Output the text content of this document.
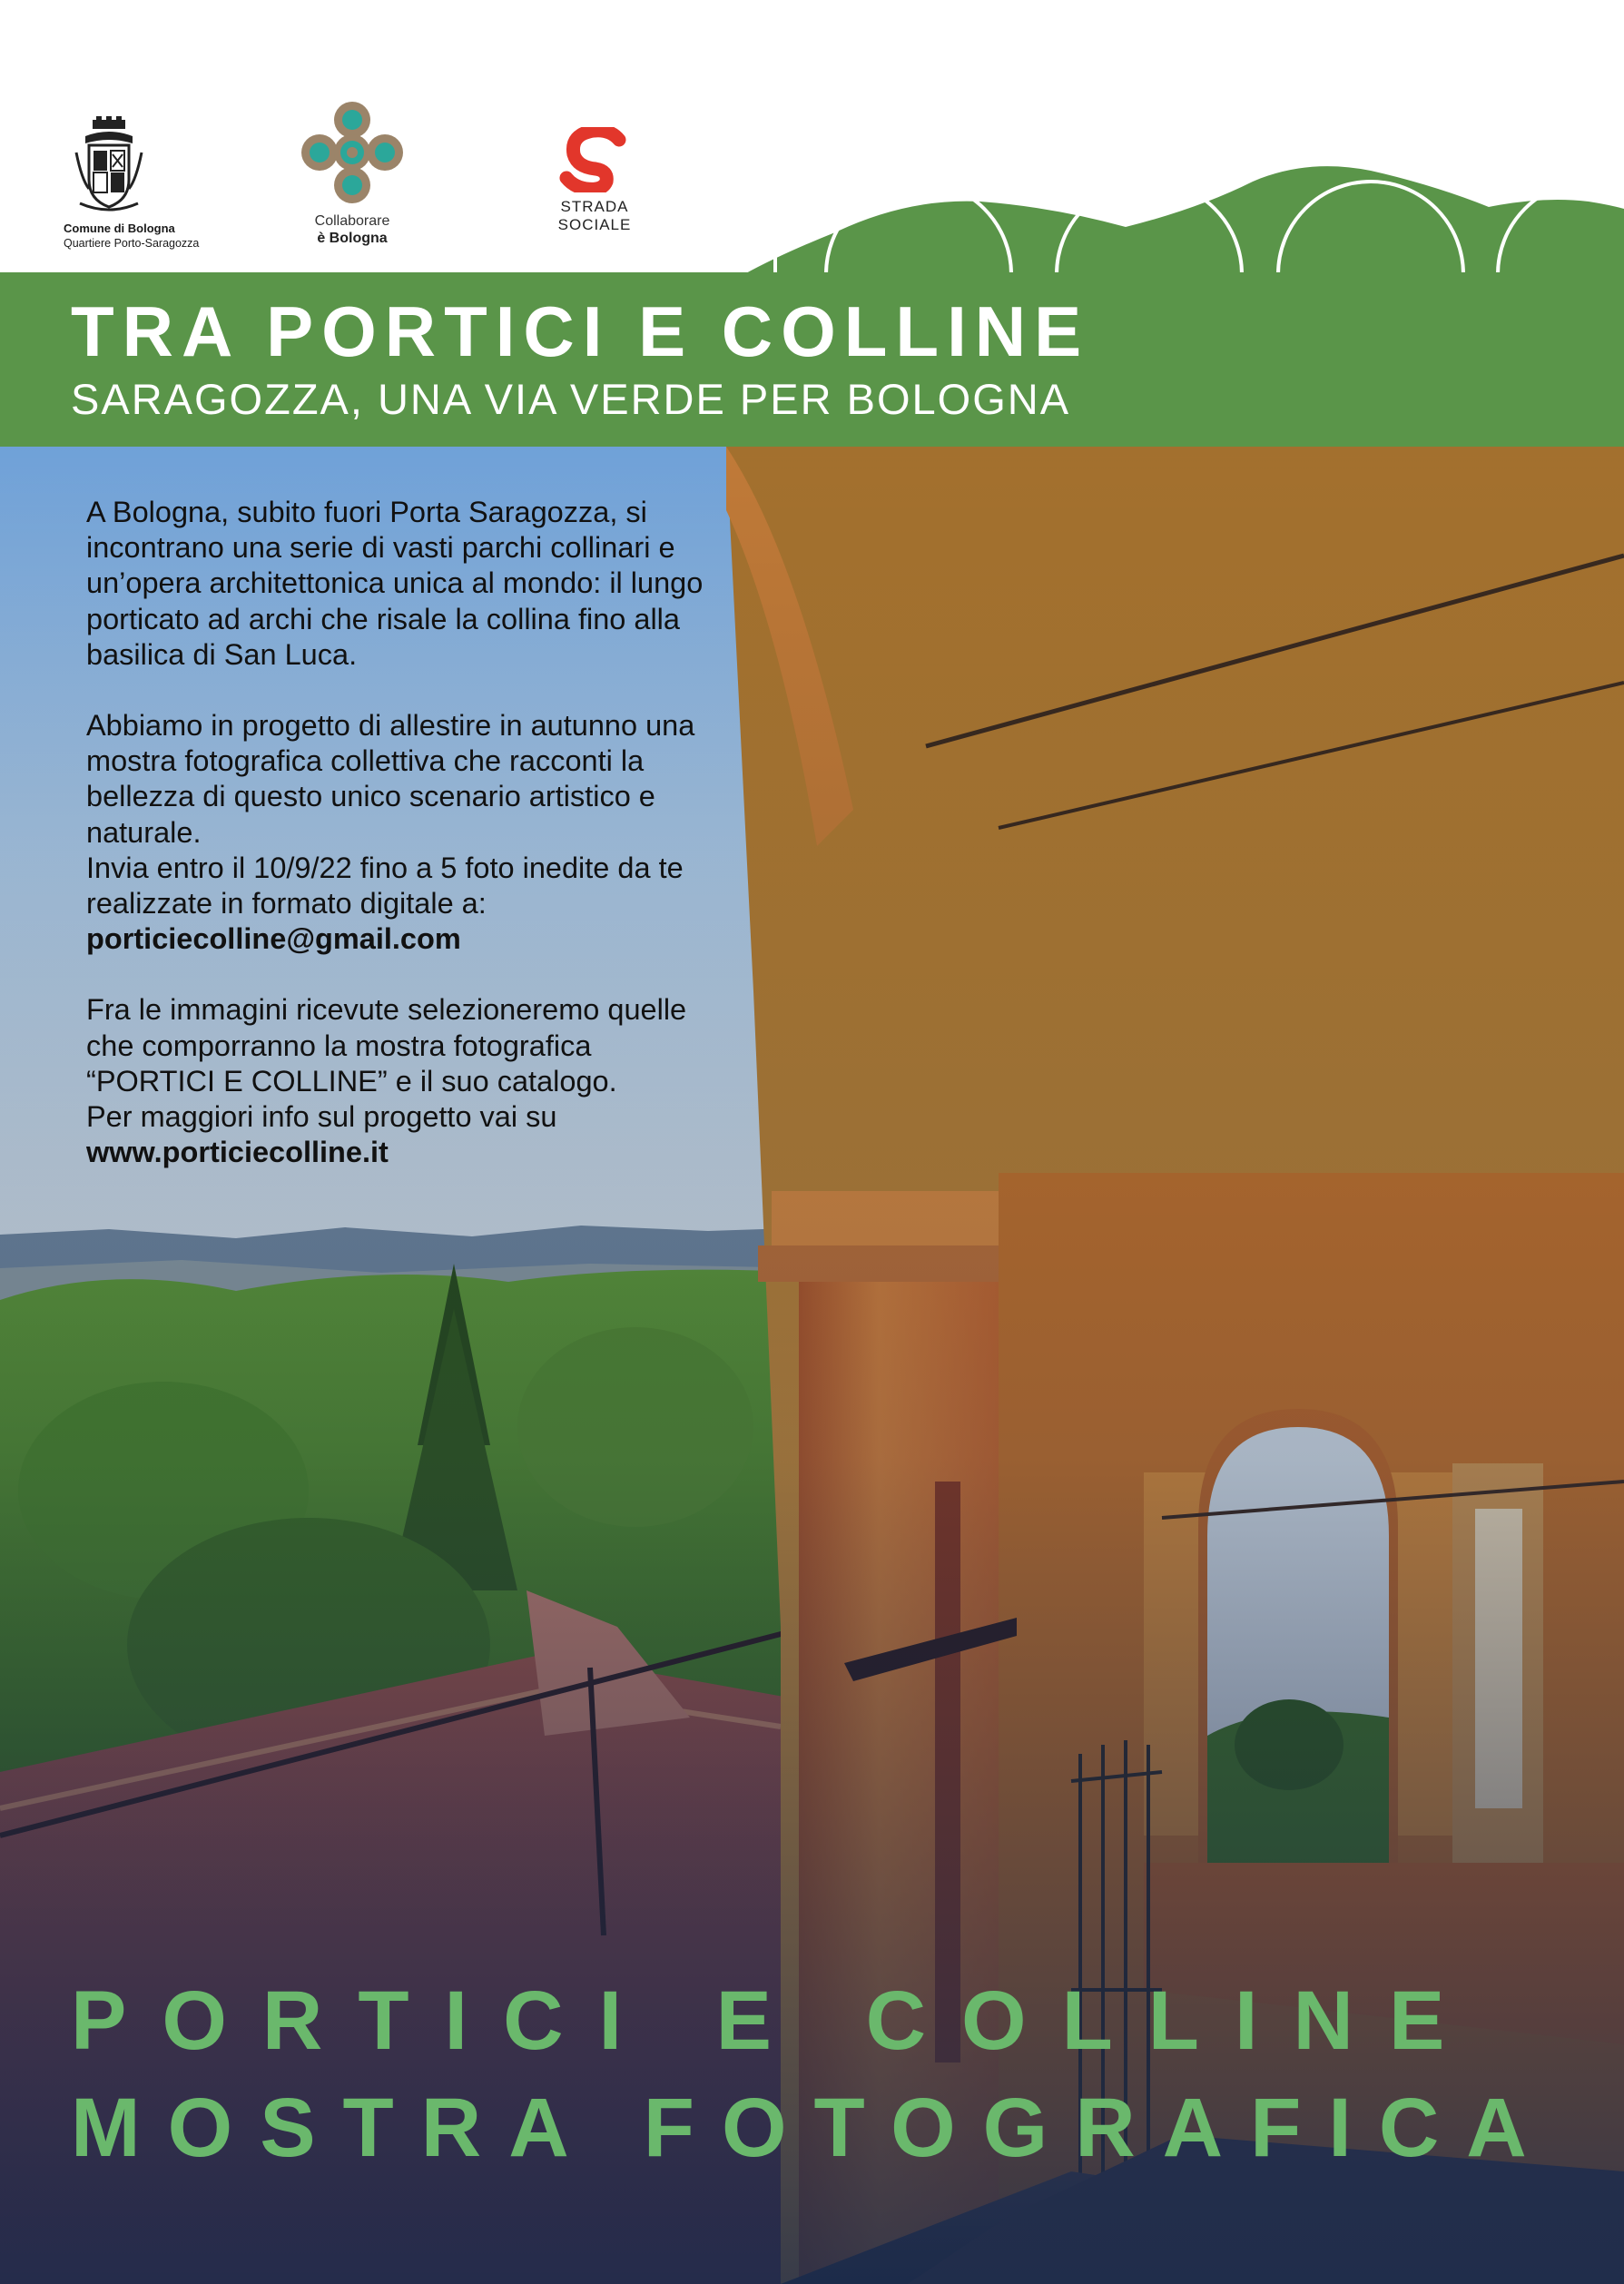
Comune di Bologna
Quartiere Porto-Saragozza
Collaborare
è Bologna
STRADA
SOCIALE
TRA PORTICI E COLLINE
SARAGOZZA, UNA VIA VERDE PER BOLOGNA

A Bologna, subito fuori Porta Saragozza, si incontrano una serie di vasti parchi collinari e un’opera architettonica unica al mondo: il lungo porticato ad archi che risale la collina fino alla basilica di San Luca.

Abbiamo in progetto di allestire in autunno una mostra fotografica collettiva che racconti la bellezza di questo unico scenario artistico e naturale.

Invia entro il 10/9/22 fino a 5 foto inedite da te realizzate in formato digitale a:

porticiecolline@gmail.com

Fra le immagini ricevute selezioneremo quelle che comporranno la mostra fotografica “PORTICI E COLLINE” e il suo catalogo.

Per maggiori info sul progetto vai su

www.porticiecolline.it

PORTICI E COLLINE
MOSTRA FOTOGRAFICA
